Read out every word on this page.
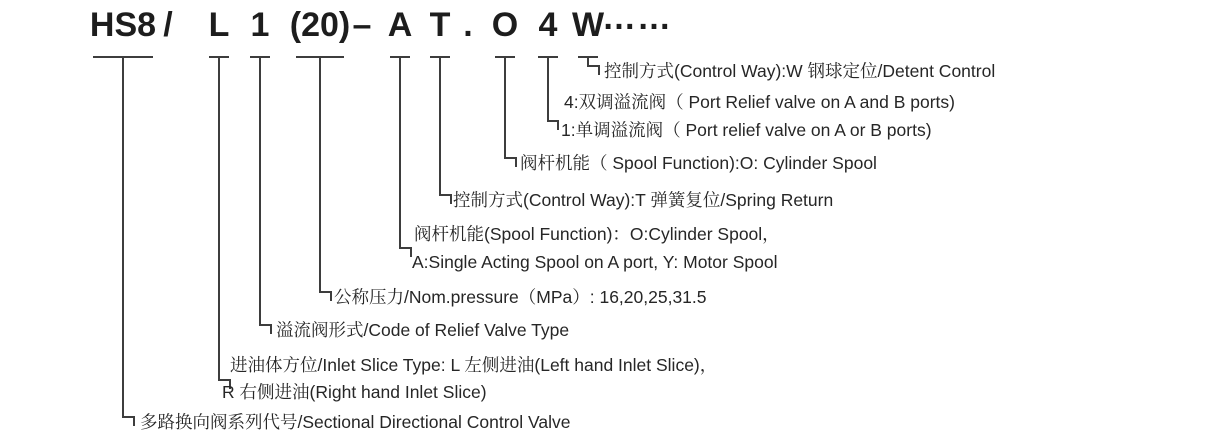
HS8 / L 1 (20) – A T . O 4 W
……
控制方式(Control Way):W 钢球定位/Detent Control
4:双调溢流阀（ Port Relief valve on A and B ports)
1:单调溢流阀（ Port relief valve on A or B ports)
阀杆机能（ Spool Function):O: Cylinder Spool
控制方式(Control Way):T 弹簧复位/Spring Return
阀杆机能(Spool Function)：O:Cylinder Spool，
A:Single Acting Spool on A port, Y: Motor Spool
公称压力/Nom.pressure（MPa）: 16,20,25,31.5
溢流阀形式/Code of Relief Valve Type
进油体方位/Inlet Slice Type: L 左侧进油(Left hand Inlet Slice)，
R 右侧进油(Right hand Inlet Slice)
多路换向阀系列代号/Sectional Directional Control Valve
